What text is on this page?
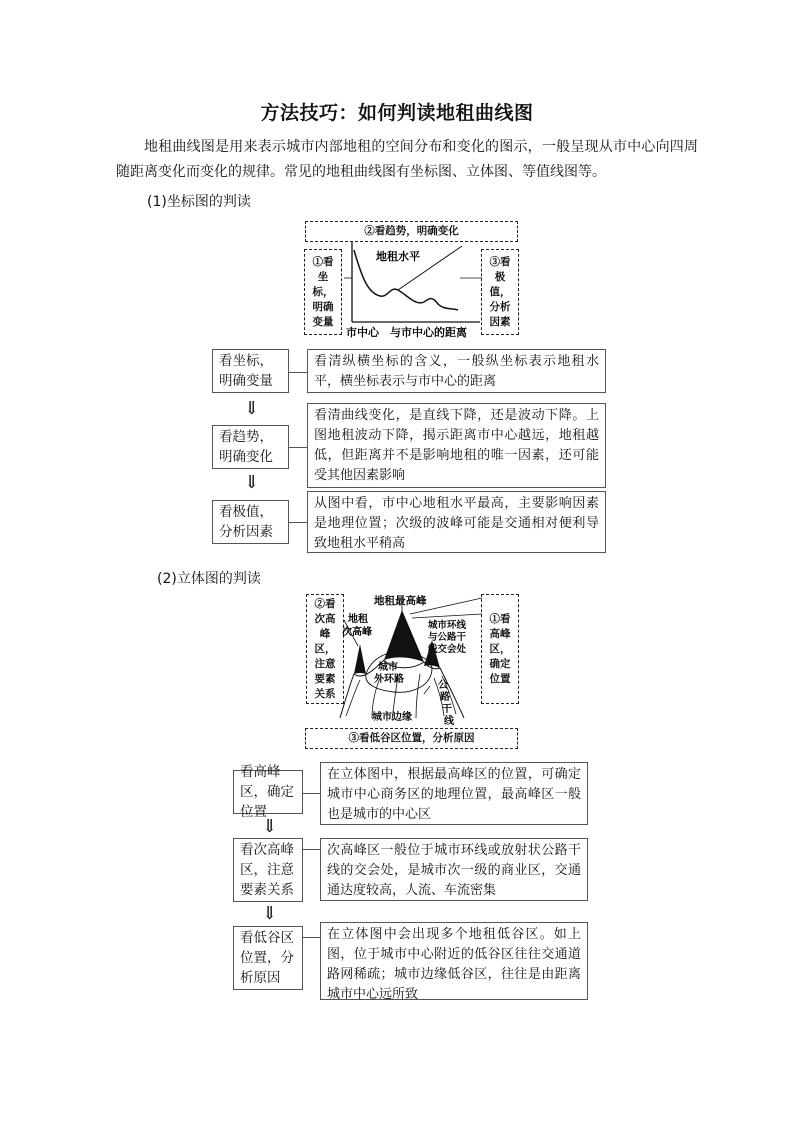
方法技巧：如何判读地租曲线图
地租曲线图是用来表示城市内部地租的空间分布和变化的图示，一般呈现从市中心向四周随距离变化而变化的规律。常见的地租曲线图有坐标图、立体图、等值线图等。
(1)坐标图的判读
②看趋势，明确变化
①看坐标，明确变量
③看极值，分析因素
地租水平
市中心 与市中心的距离
看坐标，明确变量
看清纵横坐标的含义，一般纵坐标表示地租水平，横坐标表示与市中心的距离
⇓
看趋势，明确变化
看清曲线变化，是直线下降，还是波动下降。上图地租波动下降，揭示距离市中心越远，地租越低，但距离并不是影响地租的唯一因素，还可能受其他因素影响
⇓
看极值，分析因素
从图中看，市中心地租水平最高，主要影响因素是地理位置；次级的波峰可能是交通相对便利导致地租水平稍高
(2)立体图的判读
②看次高峰区，注意要素关系
①看高峰区，确定位置
③看低谷区位置，分析原因
地租最高峰
地租
次高峰
城市环线
与公路干
线交会处
城市
外环路
公
路
干
线
城市边缘
看高峰区，确定位置
在立体图中，根据最高峰区的位置，可确定城市中心商务区的地理位置，最高峰区一般也是城市的中心区
⇓
看次高峰区，注意要素关系
次高峰区一般位于城市环线或放射状公路干线的交会处，是城市次一级的商业区，交通通达度较高，人流、车流密集
⇓
看低谷区位置，分析原因
在立体图中会出现多个地租低谷区。如上图，位于城市中心附近的低谷区往往交通道路网稀疏；城市边缘低谷区，往往是由距离城市中心远所致
